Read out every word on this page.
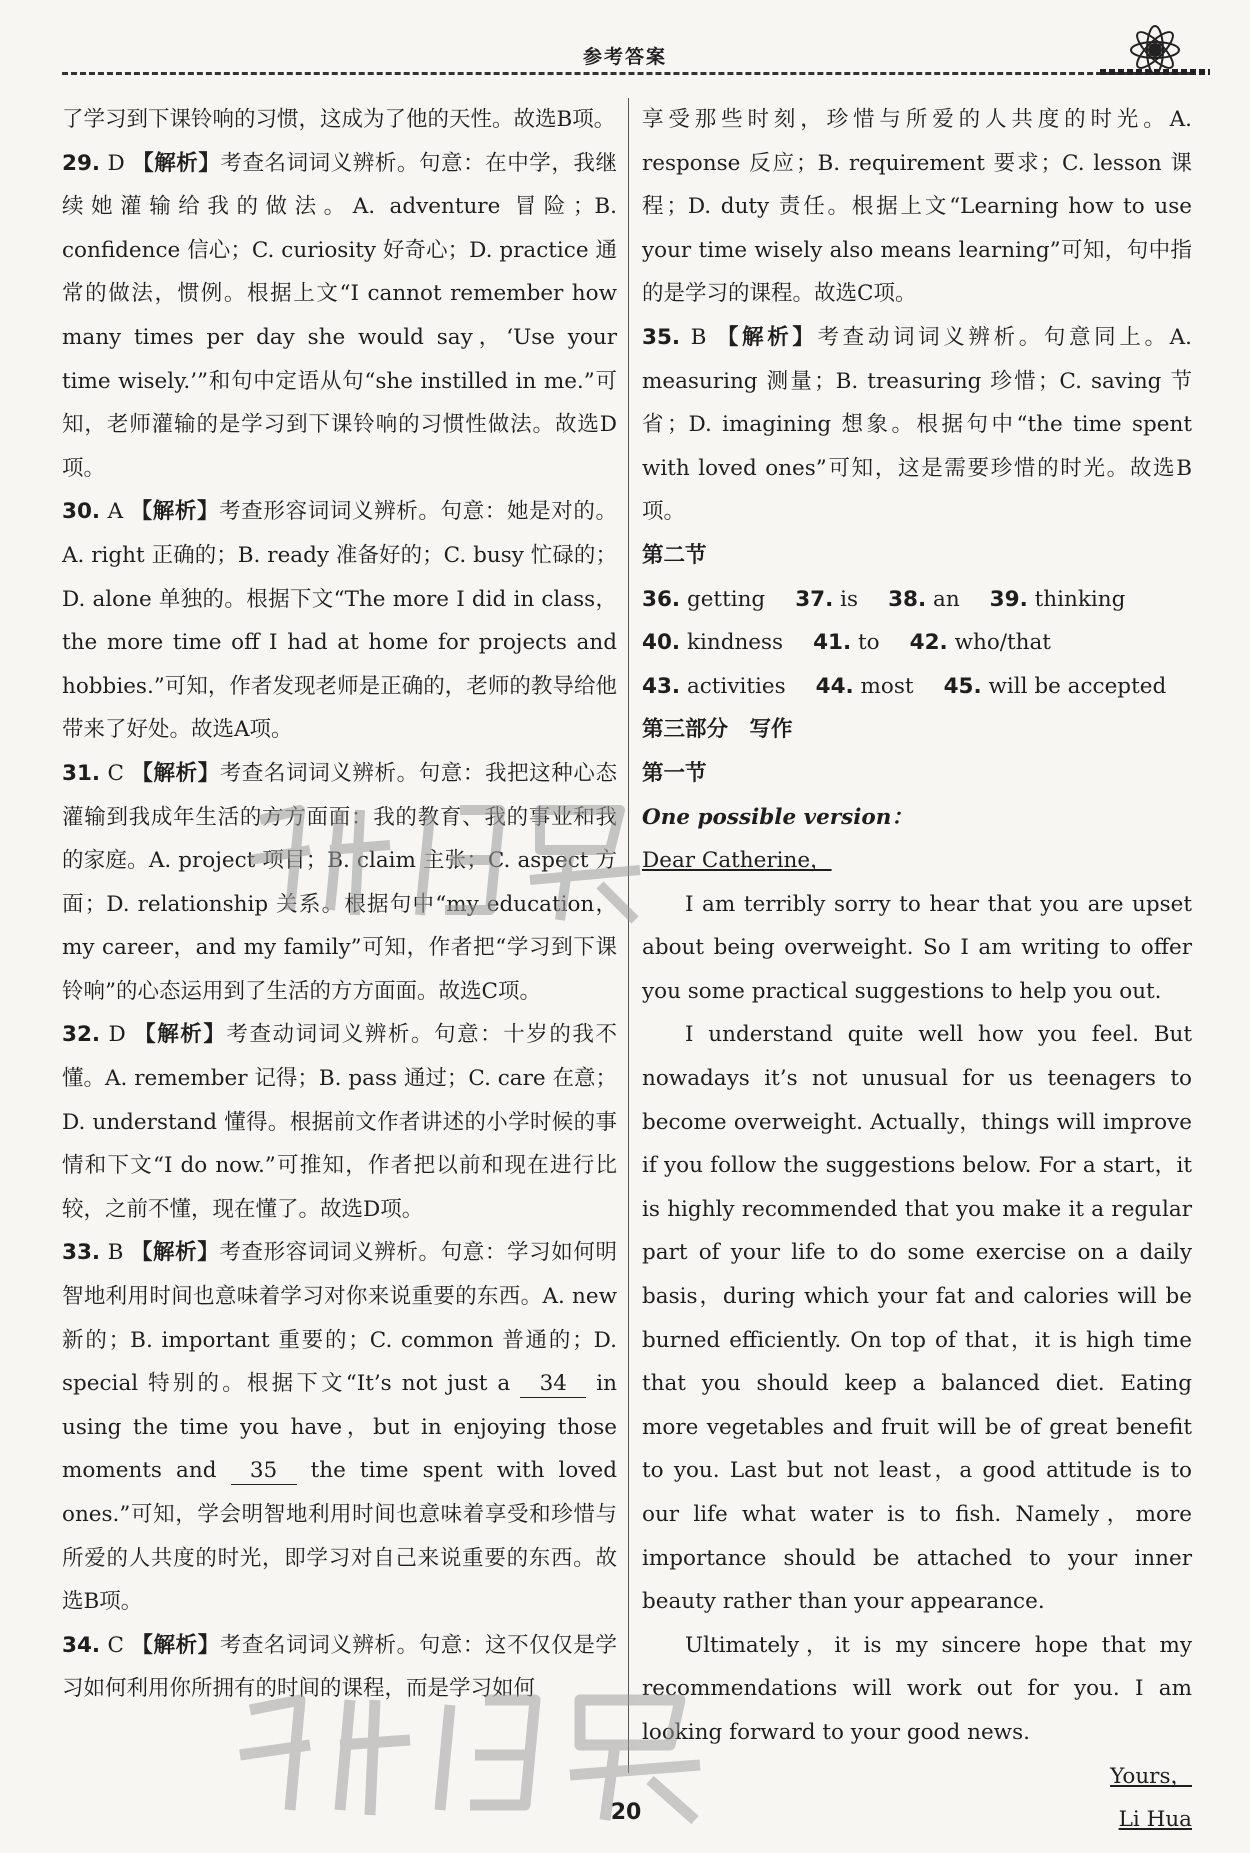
参考答案

了学习到下课铃响的习惯，这成为了他的天性。故选B项。

29. D 【解析】考查名词词义辨析。句意：在中学，我继续她灌输给我的做法。A. adventure 冒险；B. confidence 信心；C. curiosity 好奇心；D. practice 通常的做法，惯例。根据上文“I cannot remember how many times per day she would say，‘Use your time wisely.’”和句中定语从句“she instilled in me.”可知，老师灌输的是学习到下课铃响的习惯性做法。故选D项。

30. A 【解析】考查形容词词义辨析。句意：她是对的。A. right 正确的；B. ready 准备好的；C. busy 忙碌的；D. alone 单独的。根据下文“The more I did in class，the more time off I had at home for projects and hobbies.”可知，作者发现老师是正确的，老师的教导给他带来了好处。故选A项。

31. C 【解析】考查名词词义辨析。句意：我把这种心态灌输到我成年生活的方方面面：我的教育、我的事业和我的家庭。A. project 项目；B. claim 主张；C. aspect 方面；D. relationship 关系。根据句中“my education，my career，and my family”可知，作者把“学习到下课铃响”的心态运用到了生活的方方面面。故选C项。

32. D 【解析】考查动词词义辨析。句意：十岁的我不懂。A. remember 记得；B. pass 通过；C. care 在意；D. understand 懂得。根据前文作者讲述的小学时候的事情和下文“I do now.”可推知，作者把以前和现在进行比较，之前不懂，现在懂了。故选D项。

33. B 【解析】考查形容词词义辨析。句意：学习如何明智地利用时间也意味着学习对你来说重要的东西。A. new 新的；B. important 重要的；C. common 普通的；D. special 特别的。根据下文“It’s not just a 34 in using the time you have，but in enjoying those moments and 35 the time spent with loved ones.”可知，学会明智地利用时间也意味着享受和珍惜与所爱的人共度的时光，即学习对自己来说重要的东西。故选B项。

34. C 【解析】考查名词词义辨析。句意：这不仅仅是学习如何利用你所拥有的时间的课程，而是学习如何

享受那些时刻，珍惜与所爱的人共度的时光。A. response 反应；B. requirement 要求；C. lesson 课程；D. duty 责任。根据上文“Learning how to use your time wisely also means learning”可知，句中指的是学习的课程。故选C项。

35. B 【解析】考查动词词义辨析。句意同上。A. measuring 测量；B. treasuring 珍惜；C. saving 节省；D. imagining 想象。根据句中“the time spent with loved ones”可知，这是需要珍惜的时光。故选B项。

第二节

36. getting 37. is 38. an 39. thinking
40. kindness 41. to 42. who/that
43. activities 44. most 45. will be accepted

第三部分　写作

第一节

One possible version：

Dear Catherine，

I am terribly sorry to hear that you are upset about being overweight. So I am writing to offer you some practical suggestions to help you out.

I understand quite well how you feel. But nowadays it’s not unusual for us teenagers to become overweight. Actually，things will improve if you follow the suggestions below. For a start，it is highly recommended that you make it a regular part of your life to do some exercise on a daily basis，during which your fat and calories will be burned efficiently. On top of that，it is high time that you should keep a balanced diet. Eating more vegetables and fruit will be of great benefit to you. Last but not least，a good attitude is to our life what water is to fish. Namely，more importance should be attached to your inner beauty rather than your appearance.

Ultimately，it is my sincere hope that my recommendations will work out for you. I am looking forward to your good news.

Yours，

Li Hua

20
